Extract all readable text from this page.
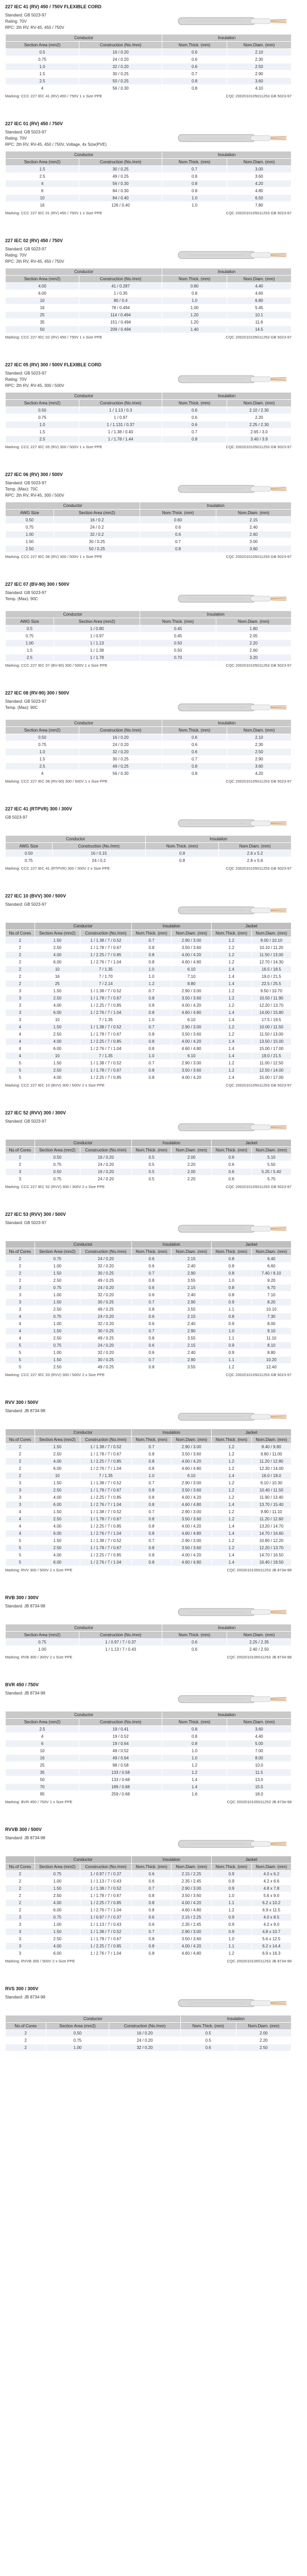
227 IEC 41 (RV) 450 / 750V FLEXIBLE CORD
Standard: GB 5023-97
Rating: 70V
RPC: 2th RV, RV-45, 450 / 750V
Conductor		Insulation	
Section Area (mm2)	Construction (No./mm)	Nom.Thick. (mm)	Nom.Diam. (mm)
0.5	16 / 0.20	0.6	2.10
0.75	24 / 0.20	0.6	2.30
1.0	32 / 0.20	0.6	2.50
1.5	30 / 0.25	0.7	2.90
2.5	50 / 0.25	0.8	3.60
4	56 / 0.30	0.8	4.10
Marking: CCC 227 IEC 41 (RV) 450 / 750V 1 x Size PPE	CQC 2002010105011253 GB 5023-97
227 IEC 01 (RV) 450 / 750V
Standard: GB 5023-97
Rating: 70V
RPC: 2th RV, RV-45, 450 / 750V, Voltage, 4x Size(PVE)
Conductor		Insulation	
Section Area (mm2)	Construction (No./mm)	Nom.Thick. (mm)	Nom.Diam. (mm)
1.5	30 / 0.25	0.7	3.00
2.5	49 / 0.25	0.8	3.60
4	56 / 0.30	0.8	4.20
6	84 / 0.30	0.8	4.80
10	84 / 0.40	1.0	6.50
16	126 / 0.40	1.0	7.80
Marking: CCC 227 IEC 01 (RV) 450 / 750V 1 x Size PPE	CQC 2002010105011253 GB 5023-97
227 IEC 02 (RV) 450 / 750V
Standard: GB 5023-97
Rating: 70V
RPC: 2th RV, RV-45, 450 / 750V
Conductor		Insulation	
Section Area (mm2)	Construction (No./mm)	Nom.Thick. (mm)	Nom.Diam. (mm)
4.00	41 / 0.287	0.80	4.40
6.00	1 / 0.35	0.8	4.60
10	80 / 0.4	1.0	6.80
16	78 / 0.494	1.00	5.45
25	114 / 0.494	1.20	10.1
35	151 / 0.494	1.20	11.6
50	209 / 0.494	1.40	14.5
Marking: CCC 227 IEC 02 (RV) 450 / 750V 1 x Size PPE	CQC 2002010105011253 GB 5023-97
227 IEC 05 (RV) 300 / 500V FLEXIBLE CORD
Standard: GB 5023-97
Rating: 70V
RPC: 2th RV, RV-45, 300 / 500V
Conductor		Insulation	
Section Area (mm2)	Construction (No./mm)	Nom.Thick. (mm)	Nom.Diam. (mm)
0.50	1 / 1.13 / 0.3	0.6	2.10 / 2.30
0.75	1 / 0.97	0.6	2.20
1.0	1 / 1.131 / 0.37	0.6	2.25 / 2.30
1.5	1 / 1.38 / 0.40	0.7	2.65 / 3.0
2.5	1 / 1.78 / 1.44	0.8	3.40 / 3.9
Marking: CCC 227 IEC 05 (RV) 300 / 500V 1 x Size PPE	CQC 2002010105011253 GB 5023-97
227 IEC 06 (RV) 300 / 500V
Standard: GB 5023-97
Temp. (Max): 70C
RPC: 2th RV, RV-45, 300 / 500V
Conductor		Insulation	
AWG Size	Section Area (mm2)	Nom.Thick. (mm)	Nom.Diam. (mm)
0.50	16 / 0.2	0.60	2.15
0.75	24 / 0.2	0.6	2.40
1.00	32 / 0.2	0.6	2.60
1.50	30 / 0.25	0.7	3.00
2.50	50 / 0.25	0.8	3.60
Marking: CCC 227 IEC 06 (RV) 300 / 500V 1 x Size PPE	CQC 2002010105011253 GB 5023-97
227 IEC 07 (BV-90) 300 / 500V
Standard: GB 5023-97
Temp. (Max): 90C
Conductor		Insulation	
AWG Size	Section Area (mm2)	Nom.Thick. (mm)	Nom.Diam. (mm)
0.5	1 / 0.80	0.45	1.80
0.75	1 / 0.97	0.45	2.05
1.00	1 / 1.13	0.50	2.20
1.5	1 / 1.38	0.50	2.60
2.5	1 / 1.78	0.70	3.20
Marking: CCC 227 IEC 07 (BV-90) 300 / 500V 1 x Size PPE	CQC 2002010105011253 GB 5023-97
227 IEC 08 (RV-90) 300 / 500V
Standard: GB 5023-97
Temp. (Max): 90C
Conductor		Insulation	
Section Area (mm2)	Construction (No./mm)	Nom.Thick. (mm)	Nom.Diam. (mm)
0.50	16 / 0.20	0.6	2.10
0.75	24 / 0.20	0.6	2.30
1.0	32 / 0.20	0.6	2.50
1.5	30 / 0.25	0.7	2.90
2.5	49 / 0.25	0.8	3.60
4	56 / 0.30	0.8	4.20
Marking: CCC 227 IEC 08 (RV-90) 300 / 500V 1 x Size PPE	CQC 2002010105011253 GB 5023-97
227 IEC 41 (RTPVR) 300 / 300V
GB 5023-97
Conductor		Insulation	
AWG Size	Construction (No./mm)	Nom.Thick. (mm)	Nom.Diam. (mm)
0.50	16 / 0.15	0.8	2.6 x 5.2
0.75	24 / 0.2	0.8	2.8 x 5.6
Marking: CCC 227 IEC 41 (RTPVR) 300 / 300V 2 x Size PPE	CQC 2002010105011253 GB 5023-97
227 IEC 10 (BVV) 300 / 500V
Standard: GB 5023-97
	Conductor		Insulation		Jacket	
No.of Cores	Section Area (mm2)	Construction (No./mm)	Nom.Thick. (mm)	Nom.Diam. (mm)	Nom.Thick. (mm)	Nom.Diam. (mm)
2	1.50	1 / 1.38 / 7 / 0.52	0.7	2.90 / 3.00	1.2	9.00 / 10.10
2	2.50	1 / 1.78 / 7 / 0.67	0.8	3.50 / 3.60	1.2	10.10 / 11.20
2	4.00	1 / 2.25 / 7 / 0.85	0.8	4.00 / 4.20	1.2	11.50 / 13.00
2	6.00	1 / 2.76 / 7 / 1.04	0.8	4.60 / 4.80	1.2	12.70 / 14.30
2	10	7 / 1.35	1.0	6.10	1.4	16.5 / 18.5
2	16	7 / 1.70	1.0	7.10	1.4	19.0 / 21.5
2	25	7 / 2.14	1.2	8.80	1.4	22.5 / 25.5
3	1.50	1 / 1.38 / 7 / 0.52	0.7	2.90 / 3.00	1.2	9.50 / 10.70
3	2.50	1 / 1.78 / 7 / 0.67	0.8	3.50 / 3.60	1.2	10.50 / 11.90
3	4.00	1 / 2.25 / 7 / 0.85	0.8	4.00 / 4.20	1.2	12.20 / 13.70
3	6.00	1 / 2.76 / 7 / 1.04	0.8	4.60 / 4.80	1.4	14.00 / 15.80
3	10	7 / 1.35	1.0	6.10	1.4	17.5 / 19.5
4	1.50	1 / 1.38 / 7 / 0.52	0.7	2.90 / 3.00	1.2	10.00 / 11.50
4	2.50	1 / 1.78 / 7 / 0.67	0.8	3.50 / 3.60	1.2	11.50 / 13.00
4	4.00	1 / 2.25 / 7 / 0.85	0.8	4.00 / 4.20	1.4	13.50 / 15.00
4	6.00	1 / 2.76 / 7 / 1.04	0.8	4.60 / 4.80	1.4	15.00 / 17.00
4	10	7 / 1.35	1.0	6.10	1.4	19.0 / 21.5
5	1.50	1 / 1.38 / 7 / 0.52	0.7	2.90 / 3.00	1.2	11.00 / 12.50
5	2.50	1 / 1.78 / 7 / 0.67	0.8	3.50 / 3.60	1.2	12.50 / 14.00
5	4.00	1 / 2.25 / 7 / 0.85	0.8	4.00 / 4.20	1.4	15.00 / 17.00
Marking: CCC 227 IEC 10 (BVV) 300 / 500V 2 x Size PPE	CQC 2002010105011253 GB 5023-97
227 IEC 52 (RVV) 300 / 300V
Standard: GB 5023-97
	Conductor		Insulation		Jacket	
No.of Cores	Section Area (mm2)	Construction (No./mm)	Nom.Thick. (mm)	Nom.Diam. (mm)	Nom.Thick. (mm)	Nom.Diam. (mm)
2	0.50	16 / 0.20	0.5	2.00	0.6	5.10
2	0.75	24 / 0.20	0.5	2.20	0.6	5.50
3	0.50	16 / 0.20	0.5	2.00	0.6	5.25 / 5.40
3	0.75	24 / 0.20	0.5	2.20	0.6	5.70
Marking: CCC 227 IEC 52 (RVV) 300 / 300V 2 x Size PPE	CQC 2002010105011253 GB 5023-97
227 IEC 53 (RVV) 300 / 500V
Standard: GB 5023-97
	Conductor		Insulation		Jacket	
No.of Cores	Section Area (mm2)	Construction (No./mm)	Nom.Thick. (mm)	Nom.Diam. (mm)	Nom.Thick. (mm)	Nom.Diam. (mm)
2	0.75	24 / 0.20	0.6	2.15	0.8	6.40
2	1.00	32 / 0.20	0.6	2.40	0.8	6.60
2	1.50	30 / 0.25	0.7	2.90	0.8	7.40 / 8.10
2	2.50	49 / 0.25	0.8	3.55	1.0	9.20
3	0.75	24 / 0.20	0.6	2.15	0.8	6.70
3	1.00	32 / 0.20	0.6	2.40	0.8	7.10
3	1.50	30 / 0.25	0.7	2.90	0.9	8.20
3	2.50	49 / 0.25	0.8	3.55	1.1	10.10
4	0.75	24 / 0.20	0.6	2.15	0.8	7.30
4	1.00	32 / 0.20	0.6	2.40	0.9	8.00
4	1.50	30 / 0.25	0.7	2.90	1.0	9.10
4	2.50	49 / 0.25	0.8	3.55	1.1	11.10
5	0.75	24 / 0.20	0.6	2.15	0.9	8.10
5	1.00	32 / 0.20	0.6	2.40	0.9	8.80
5	1.50	30 / 0.25	0.7	2.90	1.1	10.20
5	2.50	49 / 0.25	0.8	3.55	1.2	12.40
Marking: CCC 227 IEC 53 (RVV) 300 / 500V 2 x Size PPE	CQC 2002010105011253 GB 5023-97
RVV 300 / 500V
Standard: JB 8734-98
	Conductor		Insulation		Jacket	
No.of Cores	Section Area (mm2)	Construction (No./mm)	Nom.Thick. (mm)	Nom.Diam. (mm)	Nom.Thick. (mm)	Nom.Diam. (mm)
2	1.50	1 / 1.38 / 7 / 0.52	0.7	2.90 / 3.00	1.2	8.40 / 9.80
2	2.50	1 / 1.78 / 7 / 0.67	0.8	3.50 / 3.60	1.2	9.80 / 11.00
2	4.00	1 / 2.25 / 7 / 0.85	0.8	4.00 / 4.20	1.2	11.20 / 12.80
2	6.00	1 / 2.76 / 7 / 1.04	0.8	4.60 / 4.80	1.2	12.30 / 14.00
2	10	7 / 1.35	1.0	6.10	1.4	16.0 / 18.0
3	1.50	1 / 1.38 / 7 / 0.52	0.7	2.90 / 3.00	1.2	9.10 / 10.30
3	2.50	1 / 1.78 / 7 / 0.67	0.8	3.50 / 3.60	1.2	10.40 / 11.50
3	4.00	1 / 2.25 / 7 / 0.85	0.8	4.00 / 4.20	1.2	11.90 / 13.40
3	6.00	1 / 2.76 / 7 / 1.04	0.8	4.60 / 4.80	1.4	13.70 / 15.40
4	1.50	1 / 1.38 / 7 / 0.52	0.7	2.90 / 3.00	1.2	9.90 / 11.10
4	2.50	1 / 1.78 / 7 / 0.67	0.8	3.50 / 3.60	1.2	11.20 / 12.60
4	4.00	1 / 2.25 / 7 / 0.85	0.8	4.00 / 4.20	1.4	13.20 / 14.70
4	6.00	1 / 2.76 / 7 / 1.04	0.8	4.60 / 4.80	1.4	14.70 / 16.60
5	1.50	1 / 1.38 / 7 / 0.52	0.7	2.90 / 3.00	1.2	10.80 / 12.20
5	2.50	1 / 1.78 / 7 / 0.67	0.8	3.50 / 3.60	1.2	12.20 / 13.70
5	4.00	1 / 2.25 / 7 / 0.85	0.8	4.00 / 4.20	1.4	14.70 / 16.50
5	6.00	1 / 2.76 / 7 / 1.04	0.8	4.60 / 4.80	1.4	16.40 / 18.50
Marking: RVV 300 / 500V 2 x Size PPE	CQC 2002010105011253 JB 8734-98
RVB 300 / 300V
Standard: JB 8734-98
Conductor		Insulation	
Section Area (mm2)	Construction (No./mm)	Nom.Thick. (mm)	Nom.Diam. (mm)
0.75	1 / 0.97 / 7 / 0.37	0.6	2.25 / 2.35
1.00	1 / 1.13 / 7 / 0.43	0.6	2.40 / 2.50
Marking: RVB 300 / 300V 2 x Size PPE	CQC 2002010105011253 JB 8734-98
BVR 450 / 750V
Standard: JB 8734-98
Conductor		Insulation	
Section Area (mm2)	Construction (No./mm)	Nom.Thick. (mm)	Nom.Diam. (mm)
2.5	19 / 0.41	0.8	3.60
4	19 / 0.52	0.8	4.40
6	19 / 0.64	0.8	5.00
10	49 / 0.52	1.0	7.00
16	49 / 0.64	1.0	8.00
25	98 / 0.58	1.2	10.0
35	133 / 0.58	1.2	11.5
50	133 / 0.68	1.4	13.0
70	189 / 0.68	1.4	15.5
95	259 / 0.68	1.6	18.0
Marking: BVR 450 / 750V 1 x Size PPE	CQC 2002010105011253 JB 8734-98
RVVB 300 / 500V
Standard: JB 8734-98
	Conductor		Insulation		Jacket	
No.of Cores	Section Area (mm2)	Construction (No./mm)	Nom.Thick. (mm)	Nom.Diam. (mm)	Nom.Thick. (mm)	Nom.Diam. (mm)
2	0.75	1 / 0.97 / 7 / 0.37	0.6	2.15 / 2.25	0.9	4.0 x 6.2
2	1.00	1 / 1.13 / 7 / 0.43	0.6	2.35 / 2.45	0.9	4.2 x 6.6
2	1.50	1 / 1.38 / 7 / 0.52	0.7	2.90 / 3.00	0.9	4.8 x 7.8
2	2.50	1 / 1.78 / 7 / 0.67	0.8	3.50 / 3.60	1.0	5.6 x 9.0
2	4.00	1 / 2.25 / 7 / 0.85	0.8	4.00 / 4.20	1.1	6.2 x 10.2
2	6.00	1 / 2.76 / 7 / 1.04	0.8	4.60 / 4.80	1.2	6.9 x 11.5
3	0.75	1 / 0.97 / 7 / 0.37	0.6	2.15 / 2.25	0.9	4.0 x 8.5
3	1.00	1 / 1.13 / 7 / 0.43	0.6	2.35 / 2.45	0.9	4.2 x 9.0
3	1.50	1 / 1.38 / 7 / 0.52	0.7	2.90 / 3.00	0.9	4.8 x 10.7
3	2.50	1 / 1.78 / 7 / 0.67	0.8	3.50 / 3.60	1.0	5.6 x 12.5
3	4.00	1 / 2.25 / 7 / 0.85	0.8	4.00 / 4.20	1.1	6.2 x 14.4
3	6.00	1 / 2.76 / 7 / 1.04	0.8	4.60 / 4.80	1.2	6.9 x 16.3
Marking: RVVB 300 / 500V 2 x Size PPE	CQC 2002010105011253 JB 8734-98
RVS 300 / 300V
Standard: JB 8734-98
Conductor			Insulation	
No.of Cores	Section Area (mm2)	Construction (No./mm)	Nom.Thick. (mm)	Nom.Diam. (mm)
2	0.50	16 / 0.20	0.5	2.00
2	0.75	24 / 0.20	0.5	2.20
2	1.00	32 / 0.20	0.6	2.50
